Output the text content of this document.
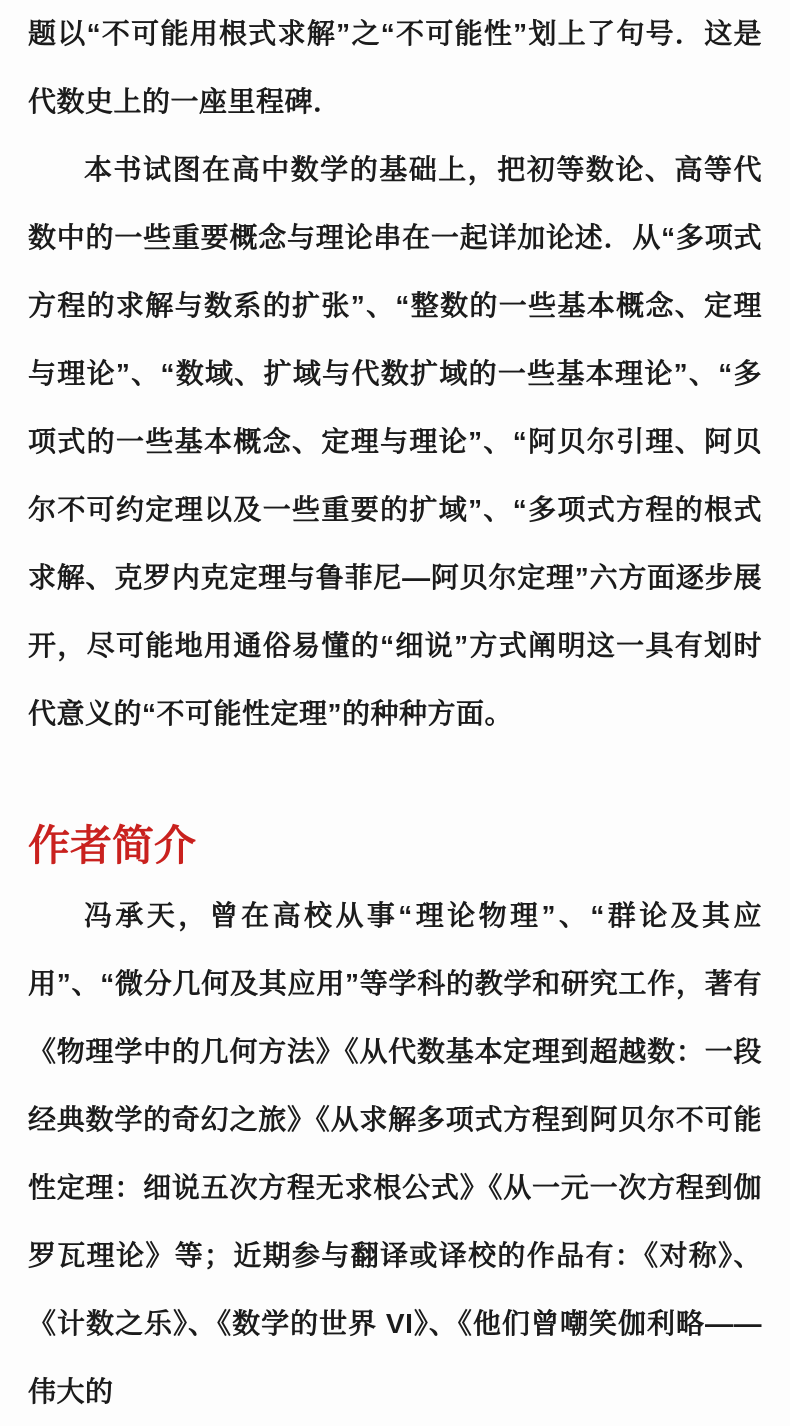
题以“不可能用根式求解”之“不可能性”划上了句号．这是代数史上的一座里程碑．

本书试图在高中数学的基础上，把初等数论、高等代数中的一些重要概念与理论串在一起详加论述．从“多项式方程的求解与数系的扩张”、“整数的一些基本概念、定理与理论”、“数域、扩域与代数扩域的一些基本理论”、“多项式的一些基本概念、定理与理论”、“阿贝尔引理、阿贝尔不可约定理以及一些重要的扩域”、“多项式方程的根式求解、克罗内克定理与鲁菲尼—阿贝尔定理”六方面逐步展开，尽可能地用通俗易懂的“细说”方式阐明这一具有划时代意义的“不可能性定理”的种种方面。

作者简介

冯承天，曾在高校从事“理论物理”、“群论及其应用”、“微分几何及其应用”等学科的教学和研究工作，著有《物理学中的几何方法》《从代数基本定理到超越数：一段经典数学的奇幻之旅》《从求解多项式方程到阿贝尔不可能性定理：细说五次方程无求根公式》《从一元一次方程到伽罗瓦理论》等；近期参与翻译或译校的作品有：《对称》、《计数之乐》、《数学的世界 VI》、《他们曾嘲笑伽利略——伟大的
